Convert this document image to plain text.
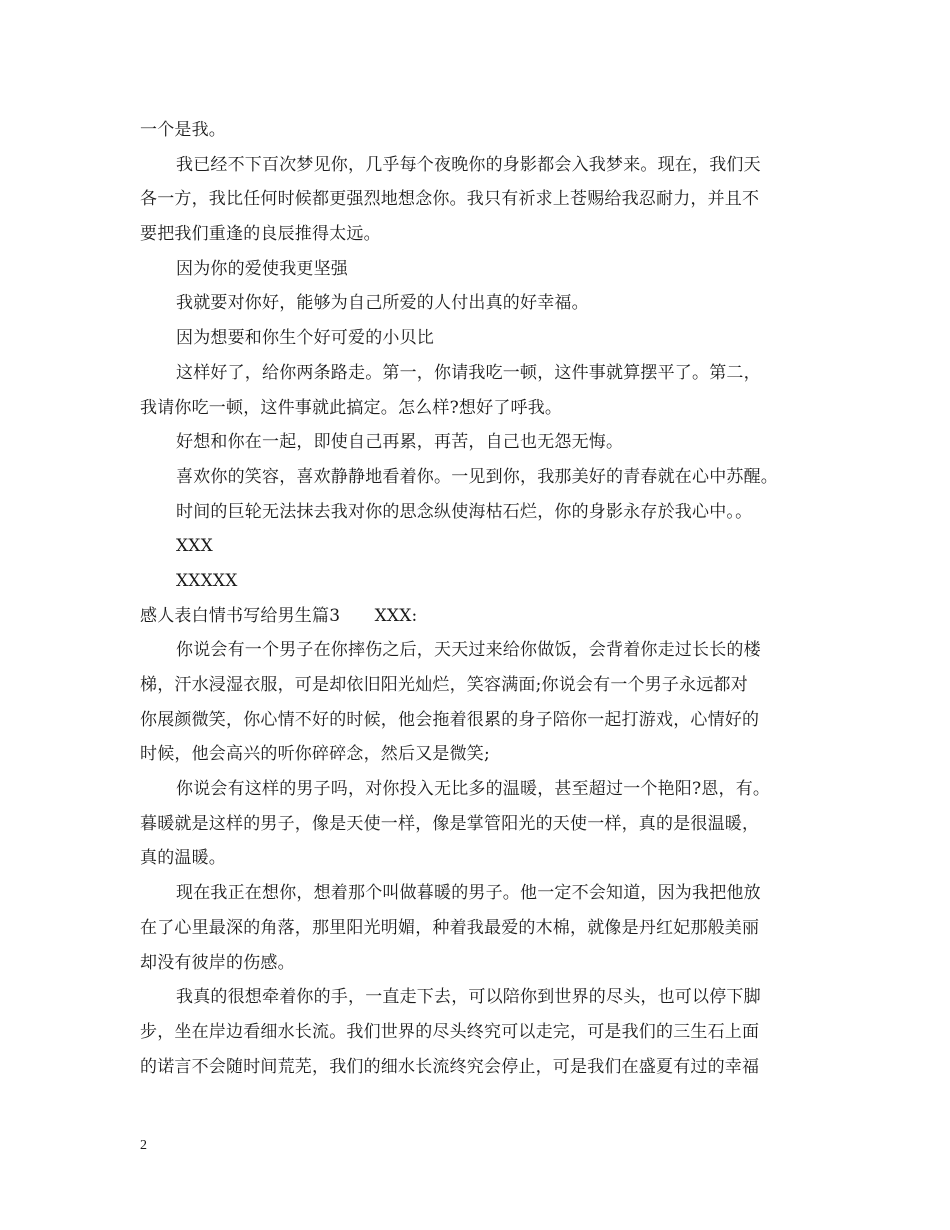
一个是我。
我已经不下百次梦见你，几乎每个夜晚你的身影都会入我梦来。现在，我们天
各一方，我比任何时候都更强烈地想念你。我只有祈求上苍赐给我忍耐力，并且不
要把我们重逢的良辰推得太远。
因为你的爱使我更坚强
我就要对你好，能够为自己所爱的人付出真的好幸福。
因为想要和你生个好可爱的小贝比
这样好了，给你两条路走。第一，你请我吃一顿，这件事就算摆平了。第二，
我请你吃一顿，这件事就此搞定。怎么样?想好了呼我。
好想和你在一起，即使自己再累，再苦，自己也无怨无悔。
喜欢你的笑容，喜欢静静地看着你。一见到你，我那美好的青春就在心中苏醒。
时间的巨轮无法抹去我对你的思念纵使海枯石烂，你的身影永存於我心中。。
XXX
XXXXX
感人表白情书写给男生篇3　　XXX:
你说会有一个男子在你摔伤之后，天天过来给你做饭，会背着你走过长长的楼
梯，汗水浸湿衣服，可是却依旧阳光灿烂，笑容满面;你说会有一个男子永远都对
你展颜微笑，你心情不好的时候，他会拖着很累的身子陪你一起打游戏，心情好的
时候，他会高兴的听你碎碎念，然后又是微笑;
你说会有这样的男子吗，对你投入无比多的温暖，甚至超过一个艳阳?恩，有。
暮暖就是这样的男子，像是天使一样，像是掌管阳光的天使一样，真的是很温暖，
真的温暖。
现在我正在想你，想着那个叫做暮暖的男子。他一定不会知道，因为我把他放
在了心里最深的角落，那里阳光明媚，种着我最爱的木棉，就像是丹红妃那般美丽
却没有彼岸的伤感。
我真的很想牵着你的手，一直走下去，可以陪你到世界的尽头，也可以停下脚
步，坐在岸边看细水长流。我们世界的尽头终究可以走完，可是我们的三生石上面
的诺言不会随时间荒芜，我们的细水长流终究会停止，可是我们在盛夏有过的幸福
2
